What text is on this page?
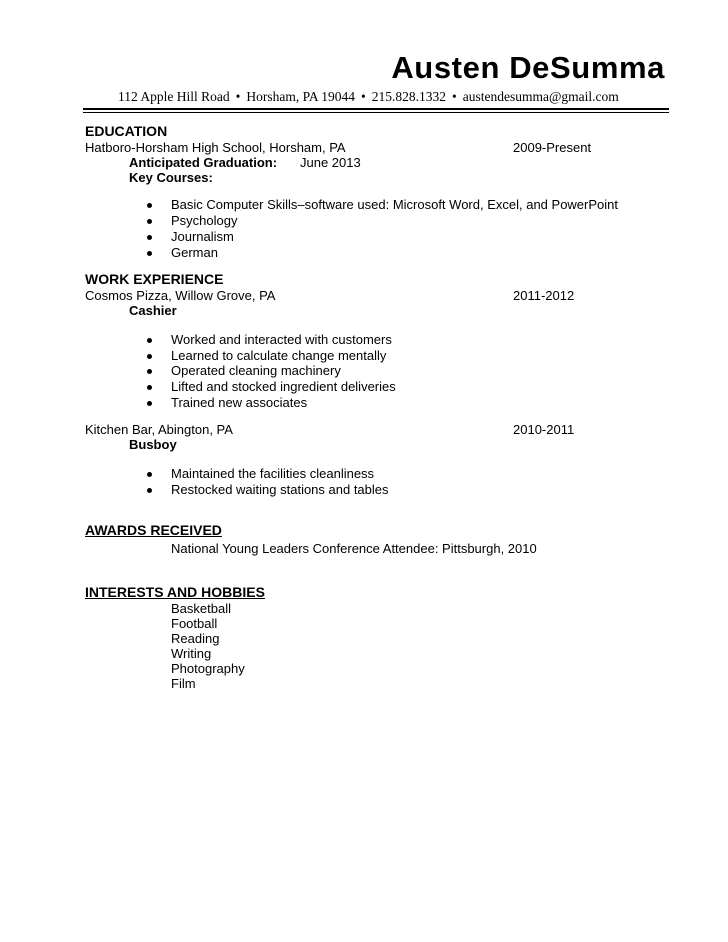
Austen DeSumma
112 Apple Hill Road • Horsham, PA 19044 • 215.828.1332 • austendesumma@gmail.com
EDUCATION
Hatboro-Horsham High School, Horsham, PA	2009-Present
Anticipated Graduation: June 2013
Key Courses:
Basic Computer Skills–software used: Microsoft Word, Excel, and PowerPoint
Psychology
Journalism
German
WORK EXPERIENCE
Cosmos Pizza, Willow Grove, PA	2011-2012
Cashier
Worked and interacted with customers
Learned to calculate change mentally
Operated cleaning machinery
Lifted and stocked ingredient deliveries
Trained new associates
Kitchen Bar, Abington, PA	2010-2011
Busboy
Maintained the facilities cleanliness
Restocked waiting stations and tables
AWARDS RECEIVED
National Young Leaders Conference Attendee: Pittsburgh, 2010
INTERESTS AND HOBBIES
Basketball
Football
Reading
Writing
Photography
Film
